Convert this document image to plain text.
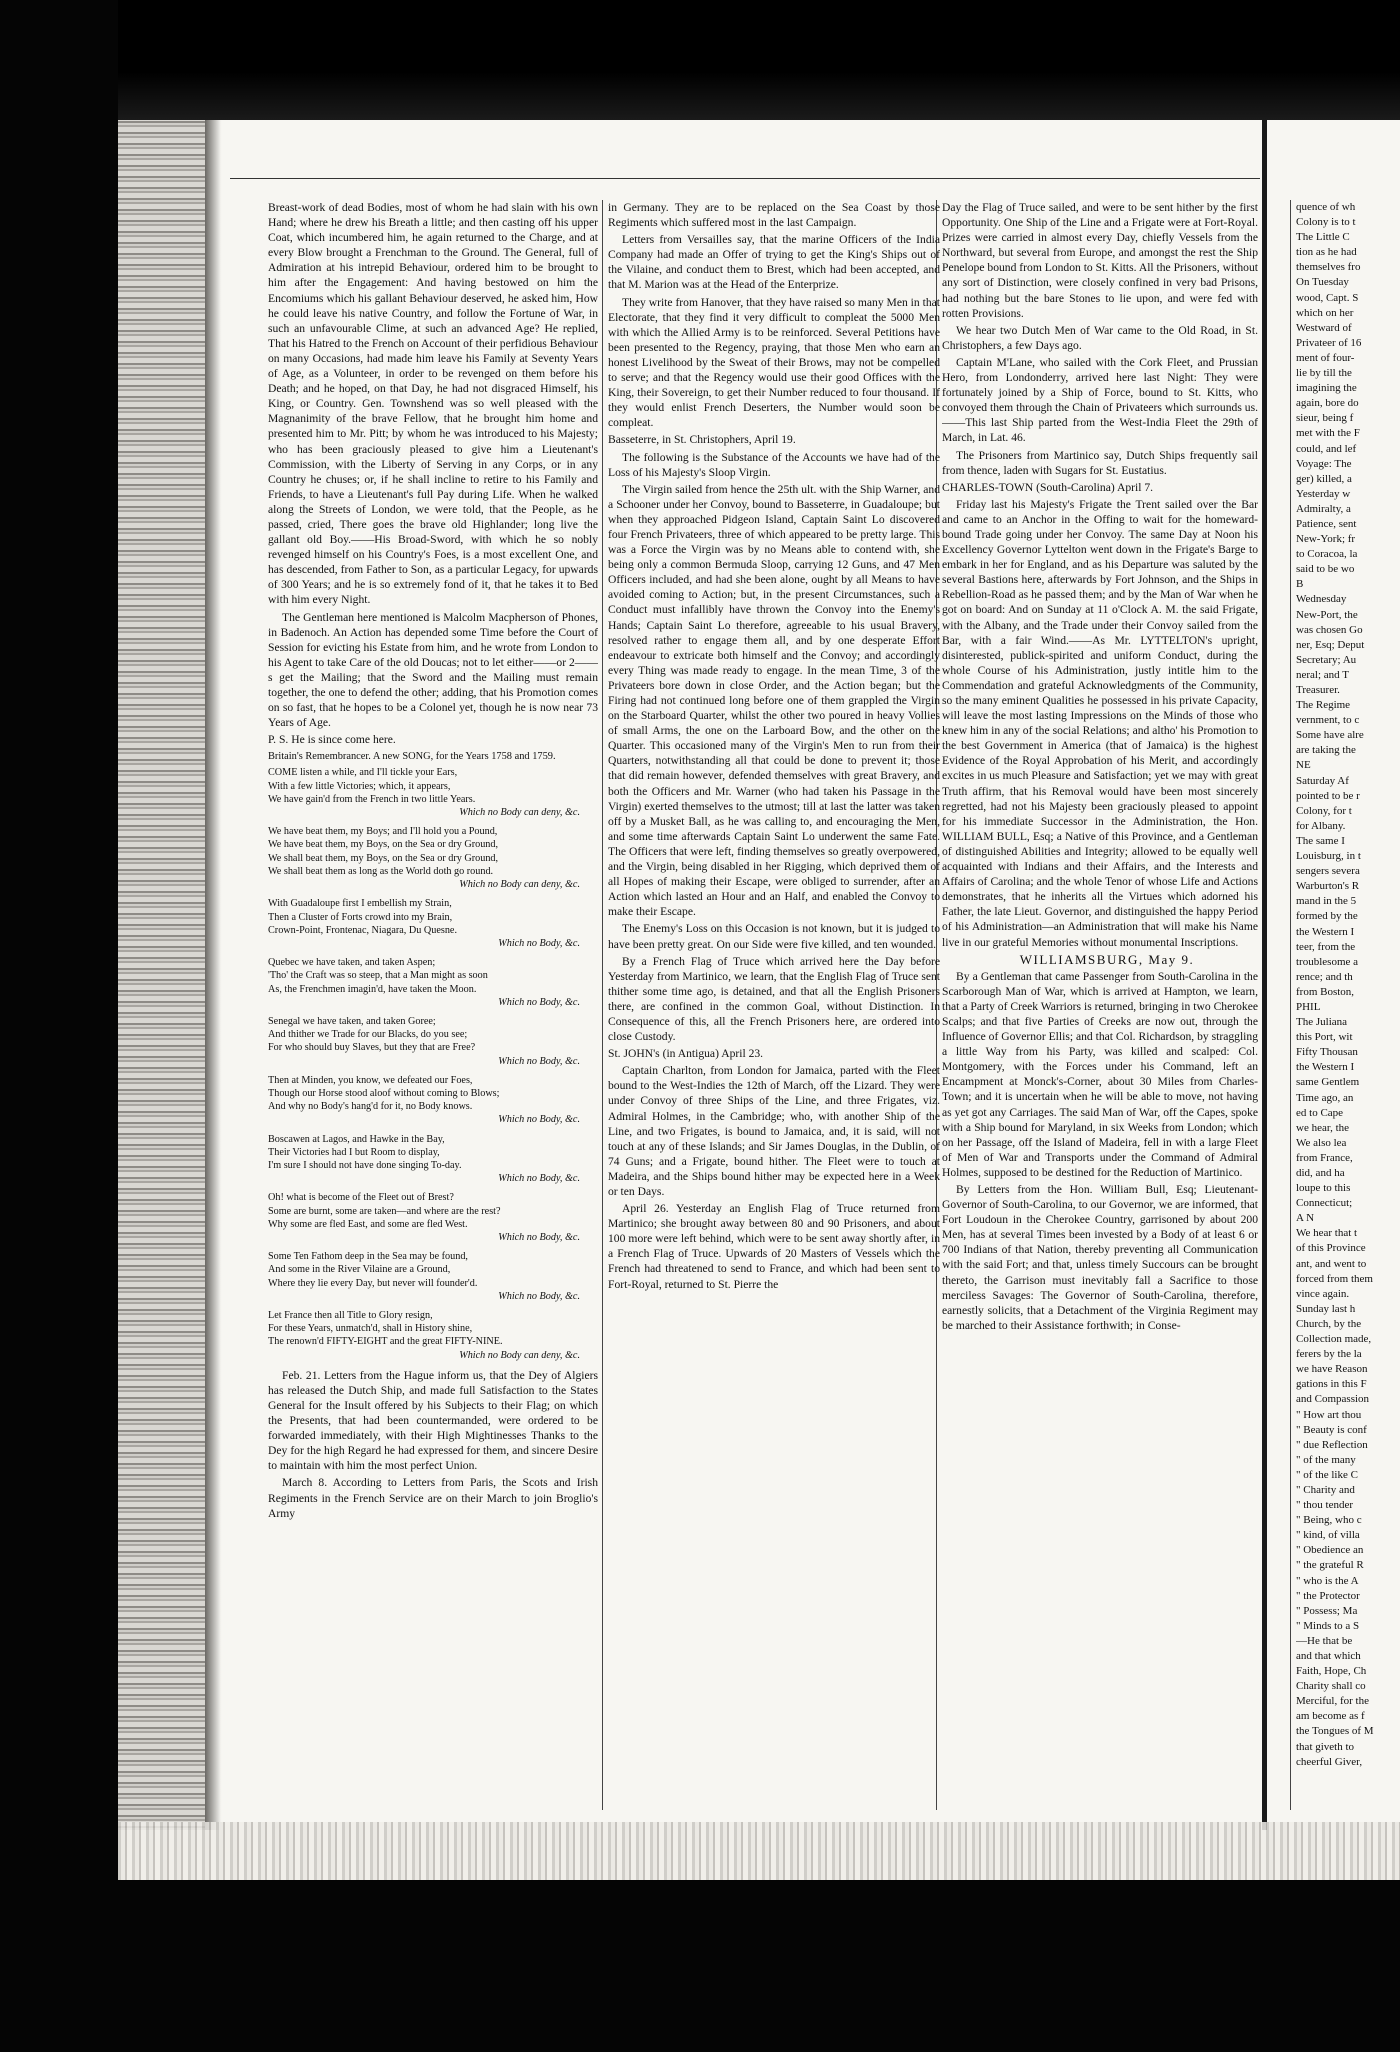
Breast-work of dead Bodies, most of whom he had slain with his own Hand; where he drew his Breath a little; and then casting off his upper Coat, which incumbered him, he again returned to the Charge, and at every Blow brought a Frenchman to the Ground. The General, full of Admiration at his intrepid Behaviour, ordered him to be brought to him after the Engagement: And having bestowed on him the Encomiums which his gallant Behaviour deserved, he asked him, How he could leave his native Country, and follow the Fortune of War, in such an unfavourable Clime, at such an advanced Age? He replied, That his Hatred to the French on Account of their perfidious Behaviour on many Occasions, had made him leave his Family at Seventy Years of Age, as a Volunteer, in order to be revenged on them before his Death; and he hoped, on that Day, he had not disgraced Himself, his King, or Country. Gen. Townshend was so well pleased with the Magnanimity of the brave Fellow, that he brought him home and presented him to Mr. Pitt; by whom he was introduced to his Majesty; who has been graciously pleased to give him a Lieutenant's Commission, with the Liberty of Serving in any Corps, or in any Country he chuses; or, if he shall incline to retire to his Family and Friends, to have a Lieutenant's full Pay during Life. When he walked along the Streets of London, we were told, that the People, as he passed, cried, There goes the brave old Highlander; long live the gallant old Boy.——His Broad-Sword, with which he so nobly revenged himself on his Country's Foes, is a most excellent One, and has descended, from Father to Son, as a particular Legacy, for upwards of 300 Years; and he is so extremely fond of it, that he takes it to Bed with him every Night.

The Gentleman here mentioned is Malcolm Macpherson of Phones, in Badenoch. An Action has depended some Time before the Court of Session for evicting his Estate from him, and he wrote from London to his Agent to take Care of the old Doucas; not to let either——or 2——s get the Mailing; that the Sword and the Mailing must remain together, the one to defend the other; adding, that his Promotion comes on so fast, that he hopes to be a Colonel yet, though he is now near 73 Years of Age.

P. S. He is since come here.

Britain's Remembrancer. A new SONG, for the Years 1758 and 1759.

COME listen a while, and I'll tickle your Ears,
With a few little Victories; which, it appears,
We have gain'd from the French in two little Years.
Which no Body can deny, &c.
We have beat them, my Boys; and I'll hold you a Pound,
We have beat them, my Boys, on the Sea or dry Ground,
We shall beat them, my Boys, on the Sea or dry Ground,
We shall beat them as long as the World doth go round.
Which no Body can deny, &c.
With Guadaloupe first I embellish my Strain,
Then a Cluster of Forts crowd into my Brain,
Crown-Point, Frontenac, Niagara, Du Quesne.
Which no Body, &c.
Quebec we have taken, and taken Aspen;
'Tho' the Craft was so steep, that a Man might as soon
As, the Frenchmen imagin'd, have taken the Moon.
Which no Body, &c.
Senegal we have taken, and taken Goree;
And thither we Trade for our Blacks, do you see;
For who should buy Slaves, but they that are Free?
Which no Body, &c.
Then at Minden, you know, we defeated our Foes,
Though our Horse stood aloof without coming to Blows;
And why no Body's hang'd for it, no Body knows.
Which no Body, &c.
Boscawen at Lagos, and Hawke in the Bay,
Their Victories had I but Room to display,
I'm sure I should not have done singing To-day.
Which no Body, &c.
Oh! what is become of the Fleet out of Brest?
Some are burnt, some are taken—and where are the rest?
Why some are fled East, and some are fled West.
Which no Body, &c.
Some Ten Fathom deep in the Sea may be found,
And some in the River Vilaine are a Ground,
Where they lie every Day, but never will founder'd.
Which no Body, &c.
Let France then all Title to Glory resign,
For these Years, unmatch'd, shall in History shine,
The renown'd FIFTY-EIGHT and the great FIFTY-NINE.
Which no Body can deny, &c.

Feb. 21. Letters from the Hague inform us, that the Dey of Algiers has released the Dutch Ship, and made full Satisfaction to the States General for the Insult offered by his Subjects to their Flag; on which the Presents, that had been countermanded, were ordered to be forwarded immediately, with their High Mightinesses Thanks to the Dey for the high Regard he had expressed for them, and sincere Desire to maintain with him the most perfect Union.

March 8. According to Letters from Paris, the Scots and Irish Regiments in the French Service are on their March to join Broglio's Army

in Germany. They are to be replaced on the Sea Coast by those Regiments which suffered most in the last Campaign.

Letters from Versailles say, that the marine Officers of the India Company had made an Offer of trying to get the King's Ships out of the Vilaine, and conduct them to Brest, which had been accepted, and that M. Marion was at the Head of the Enterprize.

They write from Hanover, that they have raised so many Men in that Electorate, that they find it very difficult to compleat the 5000 Men with which the Allied Army is to be reinforced. Several Petitions have been presented to the Regency, praying, that those Men who earn an honest Livelihood by the Sweat of their Brows, may not be compelled to serve; and that the Regency would use their good Offices with the King, their Sovereign, to get their Number reduced to four thousand. If they would enlist French Deserters, the Number would soon be compleat.

Basseterre, in St. Christophers, April 19.

The following is the Substance of the Accounts we have had of the Loss of his Majesty's Sloop Virgin.

The Virgin sailed from hence the 25th ult. with the Ship Warner, and a Schooner under her Convoy, bound to Basseterre, in Guadaloupe; but when they approached Pidgeon Island, Captain Saint Lo discovered four French Privateers, three of which appeared to be pretty large. This was a Force the Virgin was by no Means able to contend with, she being only a common Bermuda Sloop, carrying 12 Guns, and 47 Men Officers included, and had she been alone, ought by all Means to have avoided coming to Action; but, in the present Circumstances, such a Conduct must infallibly have thrown the Convoy into the Enemy's Hands; Captain Saint Lo therefore, agreeable to his usual Bravery, resolved rather to engage them all, and by one desperate Effort endeavour to extricate both himself and the Convoy; and accordingly every Thing was made ready to engage. In the mean Time, 3 of the Privateers bore down in close Order, and the Action began; but the Firing had not continued long before one of them grappled the Virgin on the Starboard Quarter, whilst the other two poured in heavy Vollies of small Arms, the one on the Larboard Bow, and the other on the Quarter. This occasioned many of the Virgin's Men to run from their Quarters, notwithstanding all that could be done to prevent it; those that did remain however, defended themselves with great Bravery, and both the Officers and Mr. Warner (who had taken his Passage in the Virgin) exerted themselves to the utmost; till at last the latter was taken off by a Musket Ball, as he was calling to, and encouraging the Men, and some time afterwards Captain Saint Lo underwent the same Fate. The Officers that were left, finding themselves so greatly overpowered, and the Virgin, being disabled in her Rigging, which deprived them of all Hopes of making their Escape, were obliged to surrender, after an Action which lasted an Hour and an Half, and enabled the Convoy to make their Escape.

The Enemy's Loss on this Occasion is not known, but it is judged to have been pretty great. On our Side were five killed, and ten wounded.

By a French Flag of Truce which arrived here the Day before Yesterday from Martinico, we learn, that the English Flag of Truce sent thither some time ago, is detained, and that all the English Prisoners there, are confined in the common Goal, without Distinction. In Consequence of this, all the French Prisoners here, are ordered into close Custody.

St. JOHN's (in Antigua) April 23.

Captain Charlton, from London for Jamaica, parted with the Fleet bound to the West-Indies the 12th of March, off the Lizard. They were under Convoy of three Ships of the Line, and three Frigates, viz. Admiral Holmes, in the Cambridge; who, with another Ship of the Line, and two Frigates, is bound to Jamaica, and, it is said, will not touch at any of these Islands; and Sir James Douglas, in the Dublin, of 74 Guns; and a Frigate, bound hither. The Fleet were to touch at Madeira, and the Ships bound hither may be expected here in a Week or ten Days.

April 26. Yesterday an English Flag of Truce returned from Martinico; she brought away between 80 and 90 Prisoners, and about 100 more were left behind, which were to be sent away shortly after, in a French Flag of Truce. Upwards of 20 Masters of Vessels which the French had threatened to send to France, and which had been sent to Fort-Royal, returned to St. Pierre the

Day the Flag of Truce sailed, and were to be sent hither by the first Opportunity. One Ship of the Line and a Frigate were at Fort-Royal. Prizes were carried in almost every Day, chiefly Vessels from the Northward, but several from Europe, and amongst the rest the Ship Penelope bound from London to St. Kitts. All the Prisoners, without any sort of Distinction, were closely confined in very bad Prisons, had nothing but the bare Stones to lie upon, and were fed with rotten Provisions.

We hear two Dutch Men of War came to the Old Road, in St. Christophers, a few Days ago.

Captain M'Lane, who sailed with the Cork Fleet, and Prussian Hero, from Londonderry, arrived here last Night: They were fortunately joined by a Ship of Force, bound to St. Kitts, who convoyed them through the Chain of Privateers which surrounds us.——This last Ship parted from the West-India Fleet the 29th of March, in Lat. 46.

The Prisoners from Martinico say, Dutch Ships frequently sail from thence, laden with Sugars for St. Eustatius.

CHARLES-TOWN (South-Carolina) April 7.

Friday last his Majesty's Frigate the Trent sailed over the Bar and came to an Anchor in the Offing to wait for the homeward-bound Trade going under her Convoy. The same Day at Noon his Excellency Governor Lyttelton went down in the Frigate's Barge to embark in her for England, and as his Departure was saluted by the several Bastions here, afterwards by Fort Johnson, and the Ships in Rebellion-Road as he passed them; and by the Man of War when he got on board: And on Sunday at 11 o'Clock A. M. the said Frigate, with the Albany, and the Trade under their Convoy sailed from the Bar, with a fair Wind.——As Mr. LYTTELTON's upright, disinterested, publick-spirited and uniform Conduct, during the whole Course of his Administration, justly intitle him to the Commendation and grateful Acknowledgments of the Community, so the many eminent Qualities he possessed in his private Capacity, will leave the most lasting Impressions on the Minds of those who knew him in any of the social Relations; and altho' his Promotion to the best Government in America (that of Jamaica) is the highest Evidence of the Royal Approbation of his Merit, and accordingly excites in us much Pleasure and Satisfaction; yet we may with great Truth affirm, that his Removal would have been most sincerely regretted, had not his Majesty been graciously pleased to appoint for his immediate Successor in the Administration, the Hon. WILLIAM BULL, Esq; a Native of this Province, and a Gentleman of distinguished Abilities and Integrity; allowed to be equally well acquainted with Indians and their Affairs, and the Interests and Affairs of Carolina; and the whole Tenor of whose Life and Actions demonstrates, that he inherits all the Virtues which adorned his Father, the late Lieut. Governor, and distinguished the happy Period of his Administration—an Administration that will make his Name live in our grateful Memories without monumental Inscriptions.

WILLIAMSBURG, May 9.

By a Gentleman that came Passenger from South-Carolina in the Scarborough Man of War, which is arrived at Hampton, we learn, that a Party of Creek Warriors is returned, bringing in two Cherokee Scalps; and that five Parties of Creeks are now out, through the Influence of Governor Ellis; and that Col. Richardson, by straggling a little Way from his Party, was killed and scalped: Col. Montgomery, with the Forces under his Command, left an Encampment at Monck's-Corner, about 30 Miles from Charles-Town; and it is uncertain when he will be able to move, not having as yet got any Carriages. The said Man of War, off the Capes, spoke with a Ship bound for Maryland, in six Weeks from London; which on her Passage, off the Island of Madeira, fell in with a large Fleet of Men of War and Transports under the Command of Admiral Holmes, supposed to be destined for the Reduction of Martinico.

By Letters from the Hon. William Bull, Esq; Lieutenant-Governor of South-Carolina, to our Governor, we are informed, that Fort Loudoun in the Cherokee Country, garrisoned by about 200 Men, has at several Times been invested by a Body of at least 6 or 700 Indians of that Nation, thereby preventing all Communication with the said Fort; and that, unless timely Succours can be brought thereto, the Garrison must inevitably fall a Sacrifice to those merciless Savages: The Governor of South-Carolina, therefore, earnestly solicits, that a Detachment of the Virginia Regiment may be marched to their Assistance forthwith; in Conse-

quence of wh

Colony is to t

The Little C

tion as he had

themselves fro

On Tuesday

wood, Capt. S

which on her

Westward of

Privateer of 16

ment of four-

lie by till the

imagining the

again, bore do

sieur, being f

met with the F

could, and lef

Voyage: The

ger) killed, a

Yesterday w

Admiralty, a

Patience, sent

New-York; fr

to Coracoa, la

said to be wo

B

Wednesday

New-Port, the

was chosen Go

ner, Esq; Deput

Secretary; Au

neral; and T

Treasurer.

The Regime

vernment, to c

Some have alre

are taking the

NE

Saturday Af

pointed to be r

Colony, for t

for Albany.

The same I

Louisburg, in t

sengers severa

Warburton's R

mand in the 5

formed by the

the Western I

teer, from the

troublesome a

rence; and th

from Boston,

PHIL

The Juliana

this Port, wit

Fifty Thousan

the Western I

same Gentlem

Time ago, an

ed to Cape

we hear, the

We also lea

from France,

did, and ha

loupe to this

Connecticut;

A N

We hear that t

of this Province

ant, and went to

forced from them

vince again.

Sunday last h

Church, by the

Collection made,

ferers by the la

we have Reason

gations in this F

and Compassion

" How art thou

" Beauty is conf

" due Reflection

" of the many

" of the like C

" Charity and

" thou tender

" Being, who c

" kind, of villa

" Obedience an

" the grateful R

" who is the A

" the Protector

" Possess; Ma

" Minds to a S

—He that be

and that which

Faith, Hope, Ch

Charity shall co

Merciful, for the

am become as f

the Tongues of M

that giveth to

cheerful Giver,
